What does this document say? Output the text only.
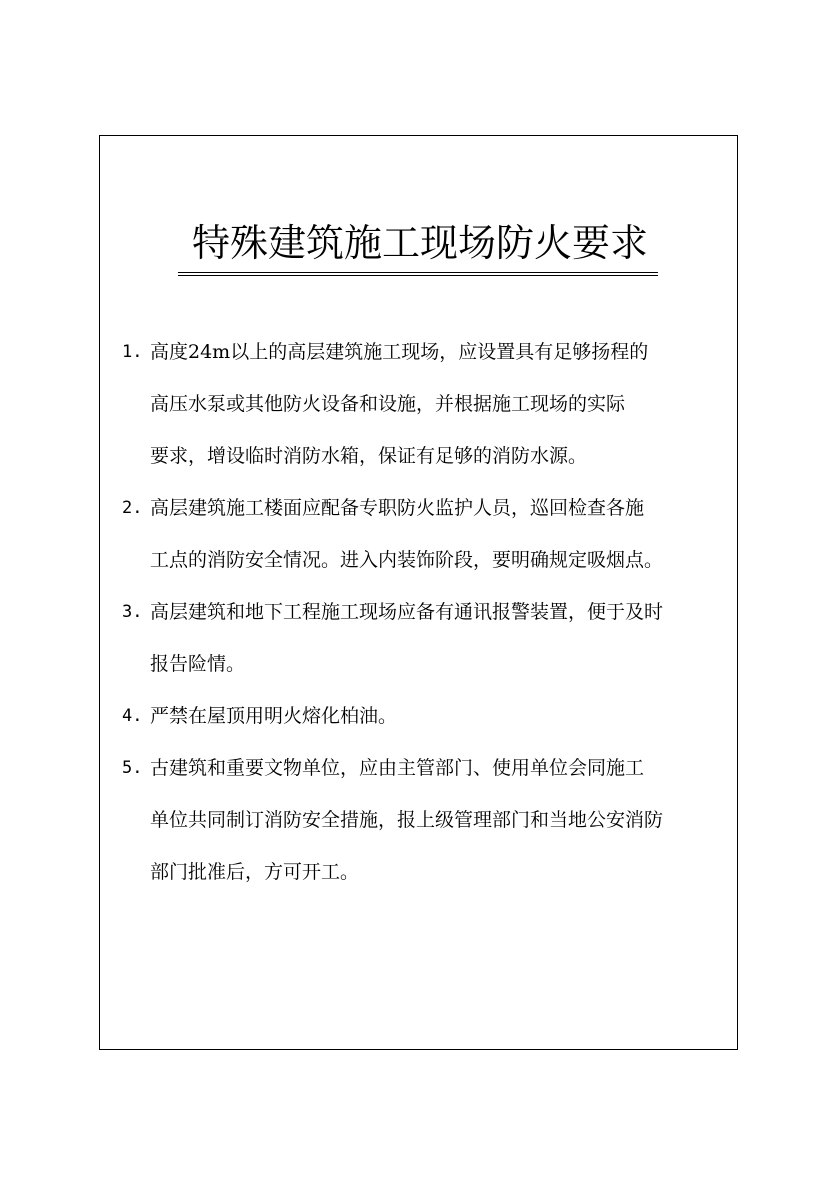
特殊建筑施工现场防火要求
1. 高度24m以上的高层建筑施工现场，应设置具有足够扬程的
高压水泵或其他防火设备和设施，并根据施工现场的实际
要求，增设临时消防水箱，保证有足够的消防水源。
2. 高层建筑施工楼面应配备专职防火监护人员，巡回检查各施
工点的消防安全情况。进入内装饰阶段，要明确规定吸烟点。
3. 高层建筑和地下工程施工现场应备有通讯报警装置，便于及时
报告险情。
4. 严禁在屋顶用明火熔化柏油。
5. 古建筑和重要文物单位，应由主管部门、使用单位会同施工
单位共同制订消防安全措施，报上级管理部门和当地公安消防
部门批准后，方可开工。
